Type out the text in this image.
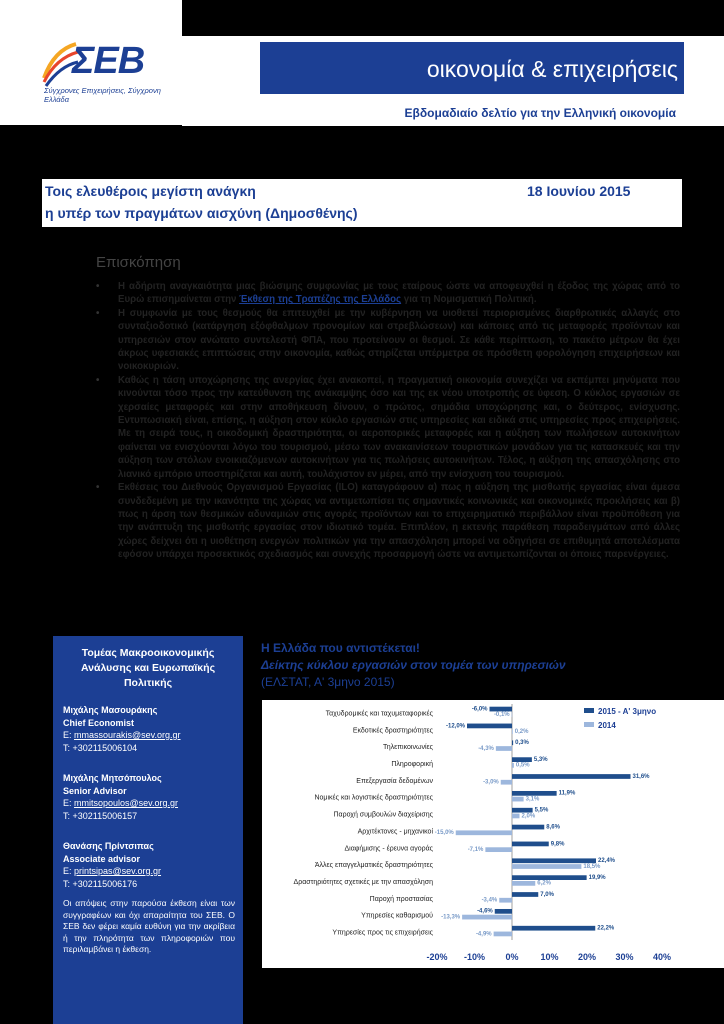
ΣΕΒ
Σύγχρονες Επιχειρήσεις, Σύγχρονη Ελλάδα
οικονομία & επιχειρήσεις
Εβδομαδιαίο δελτίο για την Ελληνική οικονομία
Τοις ελευθέροις μεγίστη ανάγκη
η υπέρ των πραγμάτων αισχύνη (Δημοσθένης)
18 Ιουνίου 2015
Επισκόπηση
• Η αδήριτη αναγκαιότητα μιας βιώσιμης συμφωνίας με τους εταίρους ώστε να αποφευχθεί η έξοδος της χώρας από το Ευρώ επισημαίνεται στην Έκθεση της Τραπέζης της Ελλάδος για τη Νομισματική Πολιτική.
• Η συμφωνία με τους θεσμούς θα επιτευχθεί με την κυβέρνηση να υιοθετεί περιορισμένες διαρθρωτικές αλλαγές στο συνταξιοδοτικό (κατάργηση εξόφθαλμων προνομίων και στρεβλώσεων) και κάποιες από τις μεταφορές προϊόντων και υπηρεσιών στον ανώτατο συντελεστή ΦΠΑ, που προτείνουν οι θεσμοί. Σε κάθε περίπτωση, το πακέτο μέτρων θα έχει άκρως υφεσιακές επιπτώσεις στην οικονομία, καθώς στηρίζεται υπέρμετρα σε πρόσθετη φορολόγηση επιχειρήσεων και νοικοκυριών.
• Καθώς η τάση υποχώρησης της ανεργίας έχει ανακοπεί, η πραγματική οικονομία συνεχίζει να εκπέμπει μηνύματα που κινούνται τόσο προς την κατεύθυνση της ανάκαμψης όσο και της εκ νέου υποτροπής σε ύφεση. Ο κύκλος εργασιών σε χερσαίες μεταφορές και στην αποθήκευση δίνουν, ο πρώτος, σημάδια υποχώρησης και, ο δεύτερος, ενίσχυσης. Εντυπωσιακή είναι, επίσης, η αύξηση στον κύκλο εργασιών στις υπηρεσίες και ειδικά στις υπηρεσίες προς επιχειρήσεις. Με τη σειρά τους, η οικοδομική δραστηριότητα, οι αεροπορικές μεταφορές και η αύξηση των πωλήσεων αυτοκινήτων φαίνεται να ενισχύονται λόγω του τουρισμού, μέσω των ανακαινίσεων τουριστικών μονάδων για τις κατασκευές και την αύξηση των στόλων ενοικιαζόμενων αυτοκινήτων για τις πωλήσεις αυτοκινήτων. Τέλος, η αύξηση της απασχόλησης στο λιανικό εμπόριο υποστηρίζεται και αυτή, τουλάχιστον εν μέρει, από την ενίσχυση του τουρισμού.
• Εκθέσεις του Διεθνούς Οργανισμού Εργασίας (ILO) καταγράφουν α) πως η αύξηση της μισθωτής εργασίας είναι άμεσα συνδεδεμένη με την ικανότητα της χώρας να αντιμετωπίσει τις σημαντικές κοινωνικές και οικονομικές προκλήσεις και β) πως η άρση των θεσμικών αδυναμιών στις αγορές προϊόντων και το επιχειρηματικό περιβάλλον είναι προϋπόθεση για την ανάπτυξη της μισθωτής εργασίας στον ιδιωτικό τομέα. Επιπλέον, η εκτενής παράθεση παραδειγμάτων από άλλες χώρες δείχνει ότι η υιοθέτηση ενεργών πολιτικών για την απασχόληση μπορεί να οδηγήσει σε επιθυμητά αποτελέσματα εφόσον υπάρχει προσεκτικός σχεδιασμός και συνεχής προσαρμογή ώστε να αντιμετωπίζονται οι όποιες παρενέργειες.
Τομέας Μακροοικονομικής Ανάλυσης και Ευρωπαϊκής Πολιτικής
Μιχάλης Μασουράκης
Chief Economist
E: mmassourakis@sev.org.gr
T: +302115006104
Μιχάλης Μητσόπουλος
Senior Advisor
E: mmitsopoulos@sev.org.gr
T: +302115006157
Θανάσης Πρίντσιπας
Associate advisor
E: printsipas@sev.org.gr
T: +302115006176
Οι απόψεις στην παρούσα έκθεση είναι των συγγραφέων και όχι απαραίτητα του ΣΕΒ. Ο ΣΕΒ δεν φέρει καμία ευθύνη για την ακρίβεια ή την πληρότητα των πληροφοριών που περιλαμβάνει η έκθεση.
Η Ελλάδα που αντιστέκεται!
Δείκτης κύκλου εργασιών στον τομέα των υπηρεσιών
(ΕΛΣΤΑΤ, Α' 3μηνο 2015)
Ταχυδρομικές και ταχυμεταφορικές
-6,0%
-0,1%
Εκδοτικές δραστηριότητες
-12,0%
0,2%
Τηλεπικοινωνίες
0,3%
-4,3%
Πληροφορική
5,3%
0,5%
Επεξεργασία δεδομένων
31,6%
-3,0%
Νομικές και λογιστικές δραστηριότητες
11,9%
3,1%
Παροχή συμβουλών διαχείρισης
5,5%
2,0%
Αρχιτέκτονες - μηχανικοί
8,6%
-15,0%
Διαφήμισης - έρευνα αγοράς
9,8%
-7,1%
Άλλες επαγγελματικές δραστηριότητες
22,4%
18,5%
Δραστηριότητες σχετικές με την απασχόληση
19,9%
6,2%
Παροχή προστασίας
7,0%
-3,4%
Υπηρεσίες καθαρισμού
-4,6%
-13,3%
Υπηρεσίες προς τις επιχειρήσεις
22,2%
-4,9%
-20% -10% 0% 10% 20% 30% 40%
2015 - Α' 3μηνο
2014
1
